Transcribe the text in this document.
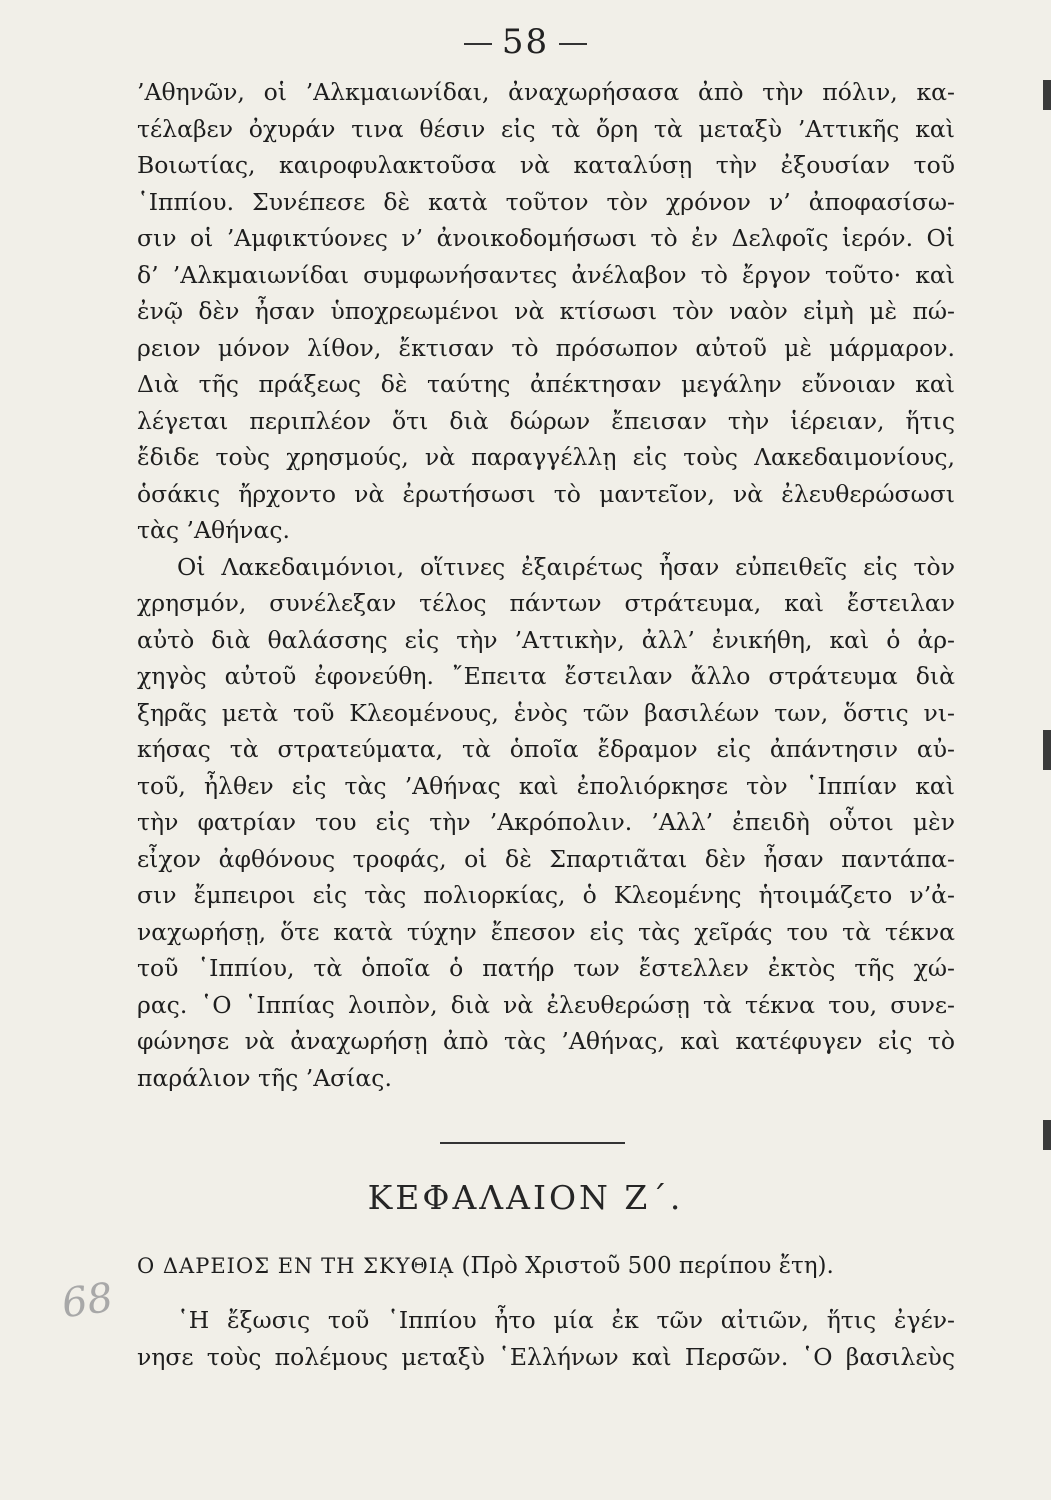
58
’Αθηνῶν, οἱ ’Αλκμαιωνίδαι, ἀναχωρήσασα ἀπὸ τὴν πόλιν, κα-
τέλαβεν ὀχυράν τινα θέσιν εἰς τὰ ὄρη τὰ μεταξὺ ’Αττικῆς καὶ
Βοιωτίας, καιροφυλακτοῦσα νὰ καταλύσῃ τὴν ἐξουσίαν τοῦ
῾Ιππίου. Συνέπεσε δὲ κατὰ τοῦτον τὸν χρόνον ν’ ἀποφασίσω-
σιν οἱ ’Αμφικτύονες ν’ ἀνοικοδομήσωσι τὸ ἐν Δελφοῖς ἱερόν. Οἱ
δ’ ’Αλκμαιωνίδαι συμφωνήσαντες ἀνέλαβον τὸ ἔργον τοῦτο· καὶ
ἐνῷ δὲν ἦσαν ὑποχρεωμένοι νὰ κτίσωσι τὸν ναὸν εἰμὴ μὲ πώ-
ρειον μόνον λίθον, ἔκτισαν τὸ πρόσωπον αὐτοῦ μὲ μάρμαρον.
Διὰ τῆς πράξεως δὲ ταύτης ἀπέκτησαν μεγάλην εὔνοιαν καὶ
λέγεται περιπλέον ὅτι διὰ δώρων ἔπεισαν τὴν ἱέρειαν, ἥτις
ἔδιδε τοὺς χρησμούς, νὰ παραγγέλλῃ εἰς τοὺς Λακεδαιμονίους,
ὁσάκις ἤρχοντο νὰ ἐρωτήσωσι τὸ μαντεῖον, νὰ ἐλευθερώσωσι
τὰς ’Αθήνας.
Οἱ Λακεδαιμόνιοι, οἵτινες ἐξαιρέτως ἦσαν εὐπειθεῖς εἰς τὸν
χρησμόν, συνέλεξαν τέλος πάντων στράτευμα, καὶ ἔστειλαν
αὐτὸ διὰ θαλάσσης εἰς τὴν ’Αττικὴν, ἀλλ’ ἐνικήθη, καὶ ὁ ἀρ-
χηγὸς αὐτοῦ ἐφονεύθη. ῎Επειτα ἔστειλαν ἄλλο στράτευμα διὰ
ξηρᾶς μετὰ τοῦ Κλεομένους, ἑνὸς τῶν βασιλέων των, ὅστις νι-
κήσας τὰ στρατεύματα, τὰ ὁποῖα ἔδραμον εἰς ἀπάντησιν αὐ-
τοῦ, ἦλθεν εἰς τὰς ’Αθήνας καὶ ἐπολιόρκησε τὸν ῾Ιππίαν καὶ
τὴν φατρίαν του εἰς τὴν ’Ακρόπολιν. ’Αλλ’ ἐπειδὴ οὗτοι μὲν
εἶχον ἀφθόνους τροφάς, οἱ δὲ Σπαρτιᾶται δὲν ἦσαν παντάπα-
σιν ἔμπειροι εἰς τὰς πολιορκίας, ὁ Κλεομένης ἡτοιμάζετο ν’ἀ-
ναχωρήσῃ, ὅτε κατὰ τύχην ἔπεσον εἰς τὰς χεῖράς του τὰ τέκνα
τοῦ ῾Ιππίου, τὰ ὁποῖα ὁ πατήρ των ἔστελλεν ἐκτὸς τῆς χώ-
ρας. ῾Ο ῾Ιππίας λοιπὸν, διὰ νὰ ἐλευθερώσῃ τὰ τέκνα του, συνε-
φώνησε νὰ ἀναχωρήσῃ ἀπὸ τὰς ’Αθήνας, καὶ κατέφυγεν εἰς τὸ
παράλιον τῆς ’Ασίας.
ΚΕΦΑΛΑΙΟΝ Ζ΄.
Ο ΔΑΡΕΙΟΣ ΕΝ ΤΗ ΣΚΥΘΙᾼ (Πρὸ Χριστοῦ 500 περίπου ἔτη).
῾Η ἔξωσις τοῦ ῾Ιππίου ἦτο μία ἐκ τῶν αἰτιῶν, ἥτις ἐγέν-
νησε τοὺς πολέμους μεταξὺ ῾Ελλήνων καὶ Περσῶν. ῾Ο βασιλεὺς
68
